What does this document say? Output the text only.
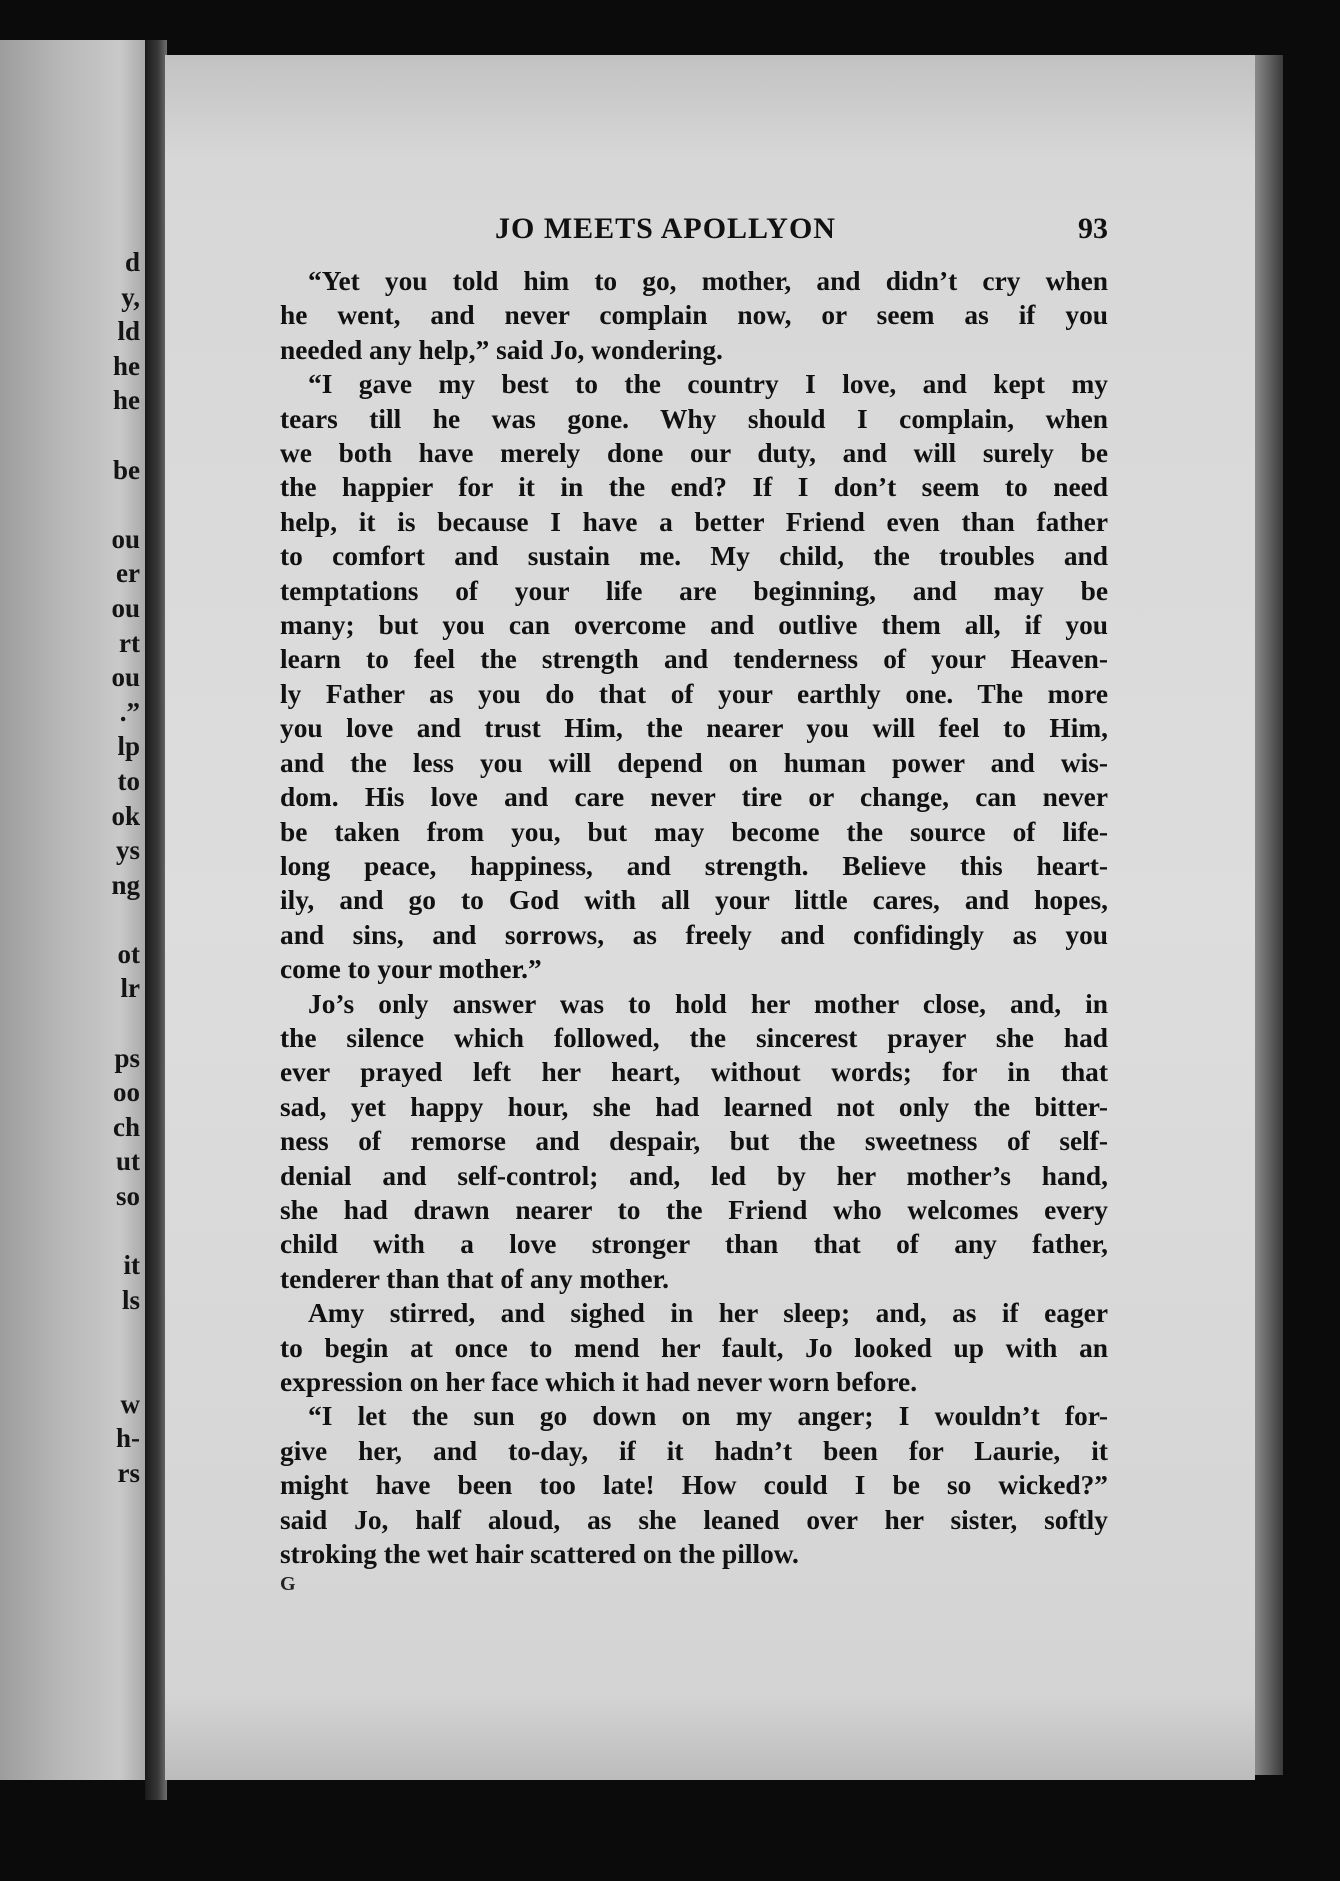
d
y,
ld
he
he
be
ou
er
ou
rt
ou
.”
lp
to
ok
ys
ng
ot
lr
ps
oo
ch
ut
so
it
ls
w
h-
rs
JO MEETS APOLLYON	93
“Yet you told him to go, mother, and didn’t cry when
he went, and never complain now, or seem as if you
needed any help,” said Jo, wondering.
“I gave my best to the country I love, and kept my
tears till he was gone. Why should I complain, when
we both have merely done our duty, and will surely be
the happier for it in the end? If I don’t seem to need
help, it is because I have a better Friend even than father
to comfort and sustain me. My child, the troubles and
temptations of your life are beginning, and may be
many; but you can overcome and outlive them all, if you
learn to feel the strength and tenderness of your Heaven-
ly Father as you do that of your earthly one. The more
you love and trust Him, the nearer you will feel to Him,
and the less you will depend on human power and wis-
dom. His love and care never tire or change, can never
be taken from you, but may become the source of life-
long peace, happiness, and strength. Believe this heart-
ily, and go to God with all your little cares, and hopes,
and sins, and sorrows, as freely and confidingly as you
come to your mother.”
Jo’s only answer was to hold her mother close, and, in
the silence which followed, the sincerest prayer she had
ever prayed left her heart, without words; for in that
sad, yet happy hour, she had learned not only the bitter-
ness of remorse and despair, but the sweetness of self-
denial and self-control; and, led by her mother’s hand,
she had drawn nearer to the Friend who welcomes every
child with a love stronger than that of any father,
tenderer than that of any mother.
Amy stirred, and sighed in her sleep; and, as if eager
to begin at once to mend her fault, Jo looked up with an
expression on her face which it had never worn before.
“I let the sun go down on my anger; I wouldn’t for-
give her, and to-day, if it hadn’t been for Laurie, it
might have been too late! How could I be so wicked?”
said Jo, half aloud, as she leaned over her sister, softly
stroking the wet hair scattered on the pillow.
G
